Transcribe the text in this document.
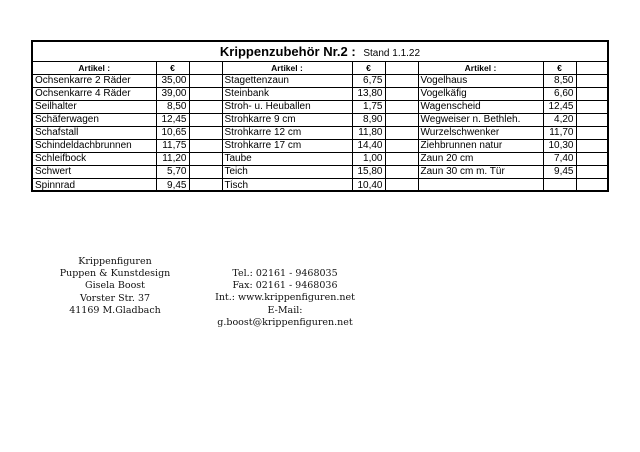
Krippenzubehör Nr.2 : Stand 1.1.22
Artikel :	€		Artikel :	€		Artikel :	€	
Ochsenkarre 2 Räder	35,00		Stagettenzaun	6,75		Vogelhaus	8,50	
Ochsenkarre 4 Räder	39,00		Steinbank	13,80		Vogelkäfig	6,60	
Seilhalter	8,50		Stroh- u. Heuballen	1,75		Wagenscheid	12,45	
Schäferwagen	12,45		Strohkarre 9 cm	8,90		Wegweiser n. Bethleh.	4,20	
Schafstall	10,65		Strohkarre 12 cm	11,80		Wurzelschwenker	11,70	
Schindeldachbrunnen	11,75		Strohkarre 17 cm	14,40		Ziehbrunnen natur	10,30	
Schleifbock	11,20		Taube	1,00		Zaun 20 cm	7,40	
Schwert	5,70		Teich	15,80		Zaun 30 cm m. Tür	9,45	
Spinnrad	9,45		Tisch	10,40				
Krippenfiguren
Puppen & Kunstdesign
Gisela Boost
Vorster Str. 37
41169 M.Gladbach
Tel.: 02161 - 9468035
Fax: 02161 - 9468036
Int.: www.krippenfiguren.net
E-Mail: g.boost@krippenfiguren.net
